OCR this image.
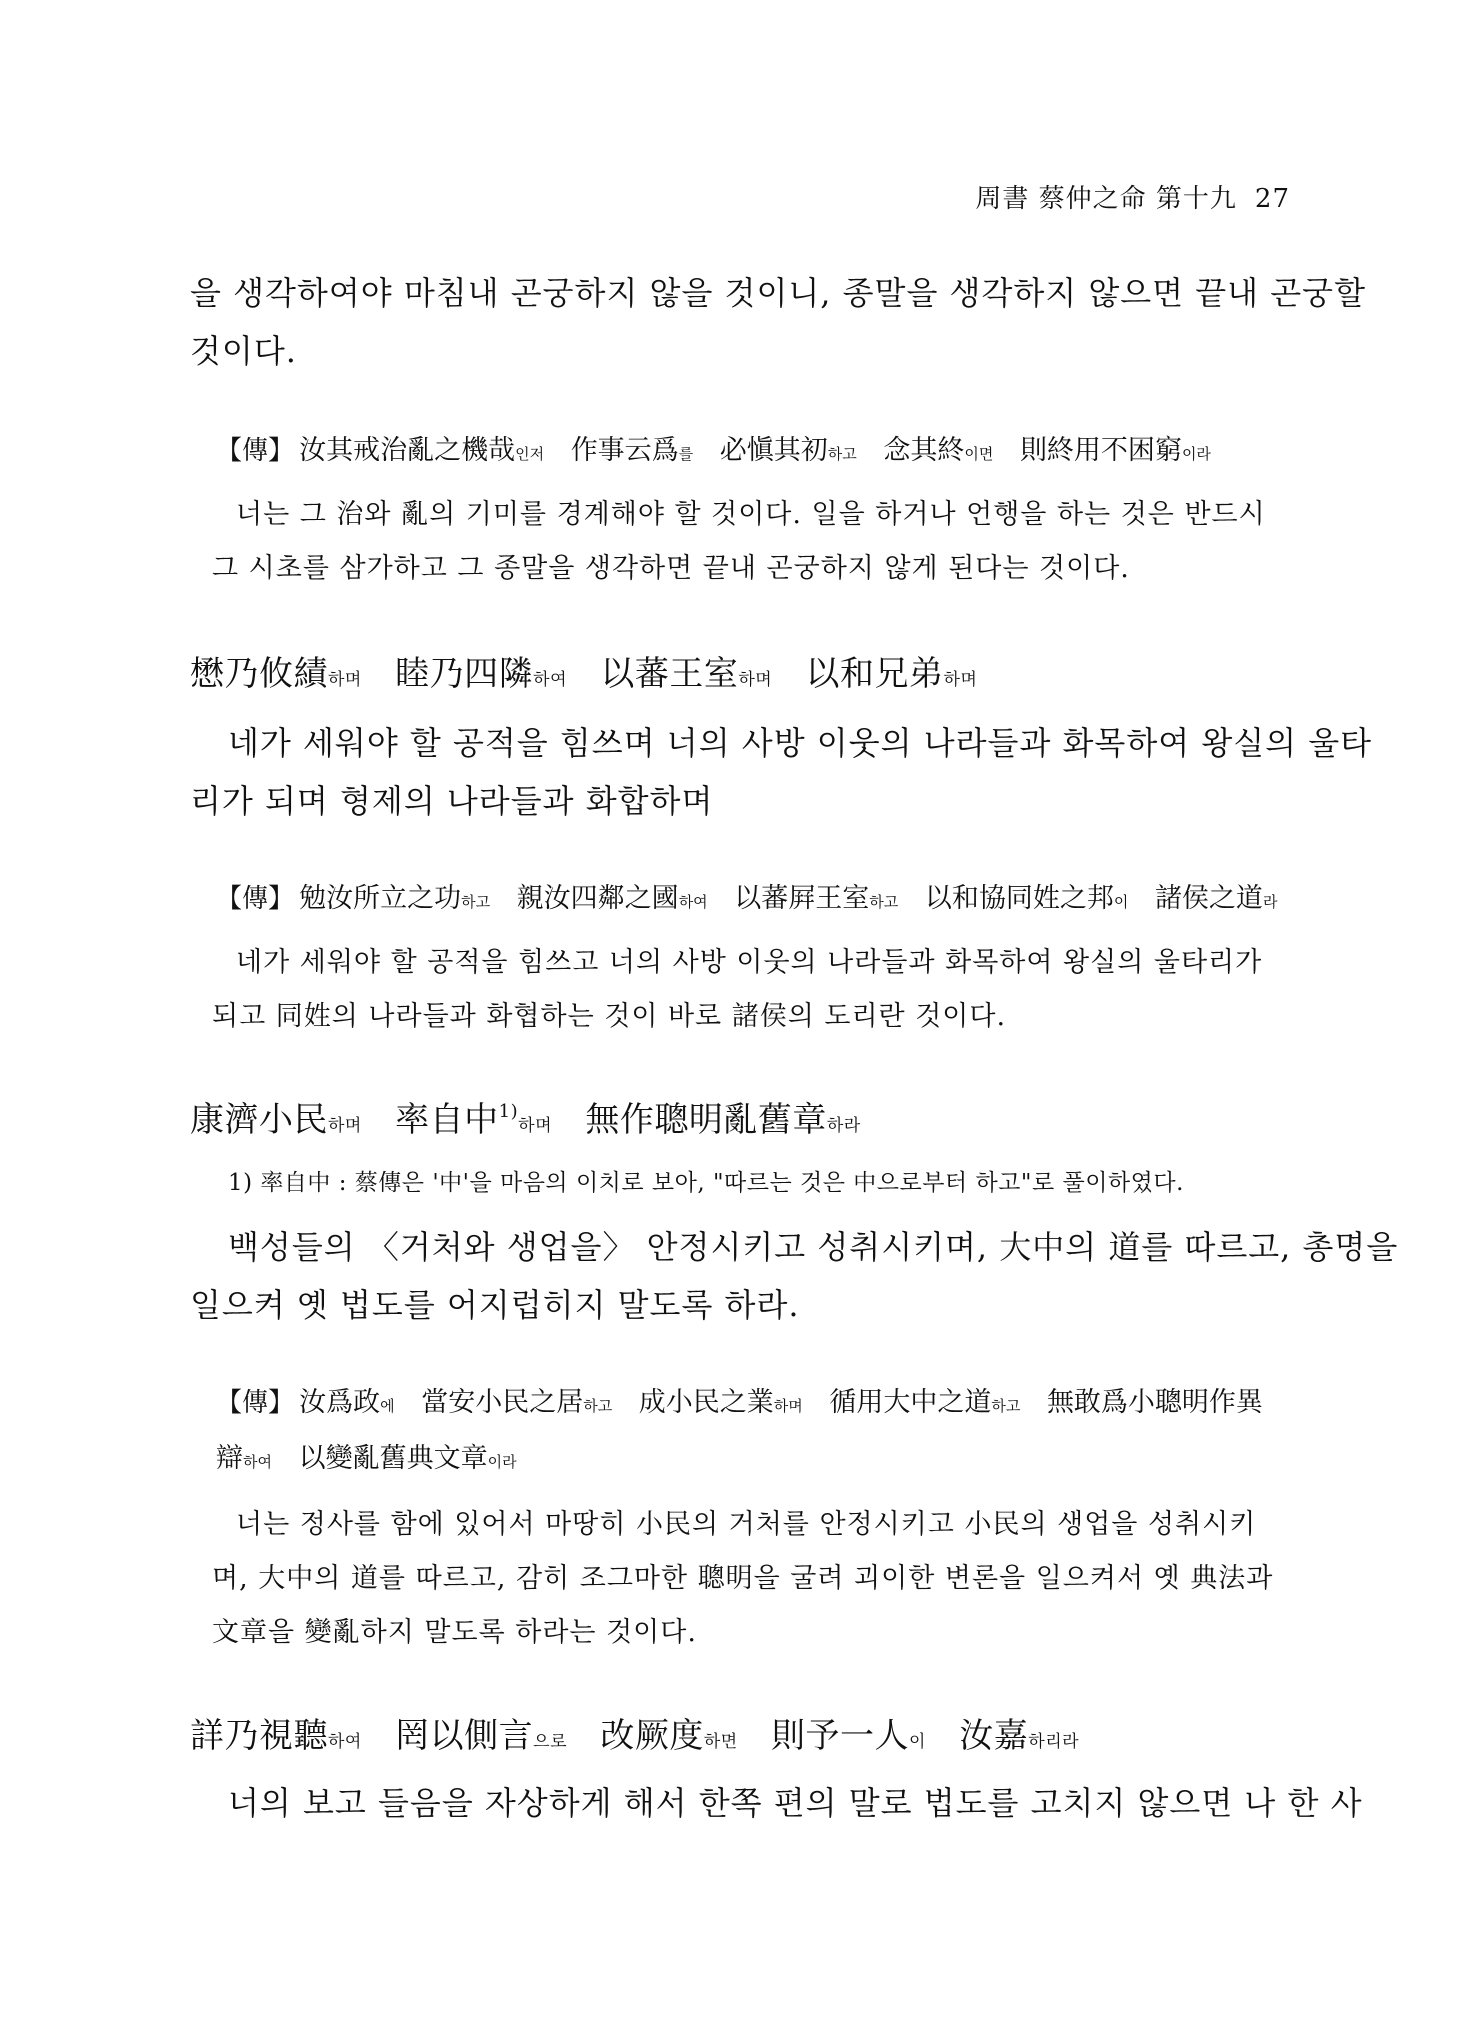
周書 蔡仲之命 第十九 27
을 생각하여야 마침내 곤궁하지 않을 것이니, 종말을 생각하지 않으면 끝내 곤궁할
것이다.
【傳】 汝其戒治亂之機哉인저 作事云爲를 必愼其初하고 念其終이면 則終用不困窮이라
너는 그 治와 亂의 기미를 경계해야 할 것이다. 일을 하거나 언행을 하는 것은 반드시
그 시초를 삼가하고 그 종말을 생각하면 끝내 곤궁하지 않게 된다는 것이다.
懋乃攸績하며 睦乃四隣하여 以蕃王室하며 以和兄弟하며
네가 세워야 할 공적을 힘쓰며 너의 사방 이웃의 나라들과 화목하여 왕실의 울타
리가 되며 형제의 나라들과 화합하며
【傳】 勉汝所立之功하고 親汝四鄰之國하여 以蕃屛王室하고 以和協同姓之邦이 諸侯之道라
네가 세워야 할 공적을 힘쓰고 너의 사방 이웃의 나라들과 화목하여 왕실의 울타리가
되고 同姓의 나라들과 화협하는 것이 바로 諸侯의 도리란 것이다.
康濟小民하며 率自中$^{1)}$하며 無作聰明亂舊章하라
1) 率自中 : 蔡傳은 '中'을 마음의 이치로 보아, "따르는 것은 中으로부터 하고"로 풀이하였다.
백성들의 〈거처와 생업을〉 안정시키고 성취시키며, 大中의 道를 따르고, 총명을
일으켜 옛 법도를 어지럽히지 말도록 하라.
【傳】 汝爲政에 當安小民之居하고 成小民之業하며 循用大中之道하고 無敢爲小聰明作異
辯하여 以變亂舊典文章이라
너는 정사를 함에 있어서 마땅히 小民의 거처를 안정시키고 小民의 생업을 성취시키
며, 大中의 道를 따르고, 감히 조그마한 聰明을 굴려 괴이한 변론을 일으켜서 옛 典法과
文章을 變亂하지 말도록 하라는 것이다.
詳乃視聽하여 罔以側言으로 改厥度하면 則予一人이 汝嘉하리라
너의 보고 들음을 자상하게 해서 한쪽 편의 말로 법도를 고치지 않으면 나 한 사
